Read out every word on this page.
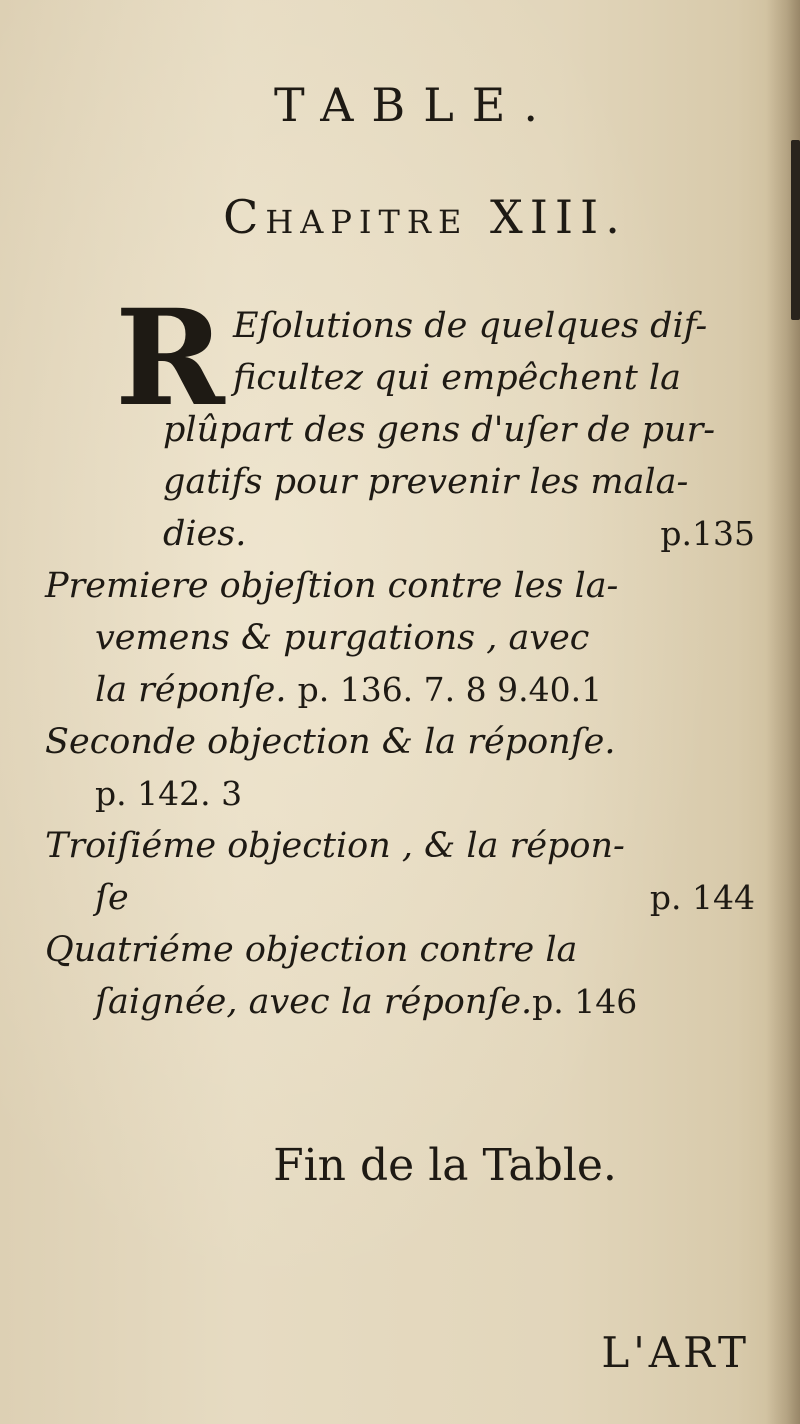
TABLE.
Chapitre XIII.
R Eſolutions de quelques dif-
ficultez qui empêchent la
plûpart des gens d'uſer de pur-
gatifs pour prevenir les mala-
dies.	p.135
Premiere objeſtion contre les la-
vemens & purgations , avec
la réponſe. p. 136. 7. 8 9.40.1
Seconde objection & la réponſe.
p. 142. 3
Troiſiéme objection , & la répon-
ſe	p. 144
Quatriéme objection contre la
ſaignée, avec la réponſe.p. 146
Fin de la Table.
L'ART
